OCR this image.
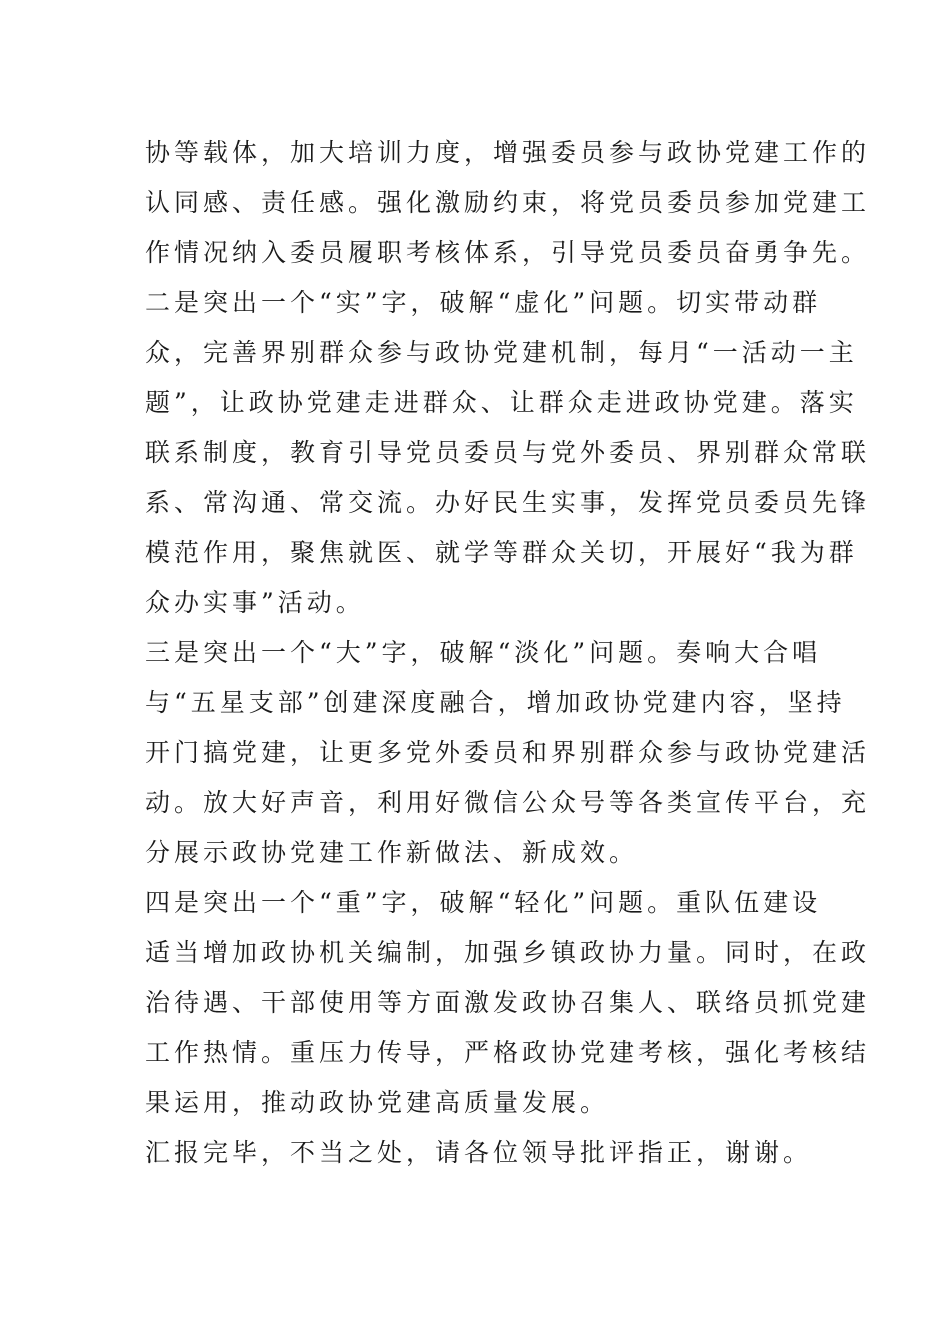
协等载体，加大培训力度，增强委员参与政协党建工作的
认同感、责任感。强化激励约束，将党员委员参加党建工
作情况纳入委员履职考核体系，引导党员委员奋勇争先。
二是突出一个“实”字，破解“虚化”问题。切实带动群
众，完善界别群众参与政协党建机制，每月“一活动一主
题”，让政协党建走进群众、让群众走进政协党建。落实
联系制度，教育引导党员委员与党外委员、界别群众常联
系、常沟通、常交流。办好民生实事，发挥党员委员先锋
模范作用，聚焦就医、就学等群众关切，开展好“我为群
众办实事”活动。
三是突出一个“大”字，破解“淡化”问题。奏响大合唱
与“五星支部”创建深度融合，增加政协党建内容，坚持
开门搞党建，让更多党外委员和界别群众参与政协党建活
动。放大好声音，利用好微信公众号等各类宣传平台，充
分展示政协党建工作新做法、新成效。
四是突出一个“重”字，破解“轻化”问题。重队伍建设
适当增加政协机关编制，加强乡镇政协力量。同时，在政
治待遇、干部使用等方面激发政协召集人、联络员抓党建
工作热情。重压力传导，严格政协党建考核，强化考核结
果运用，推动政协党建高质量发展。
汇报完毕，不当之处，请各位领导批评指正，谢谢。
